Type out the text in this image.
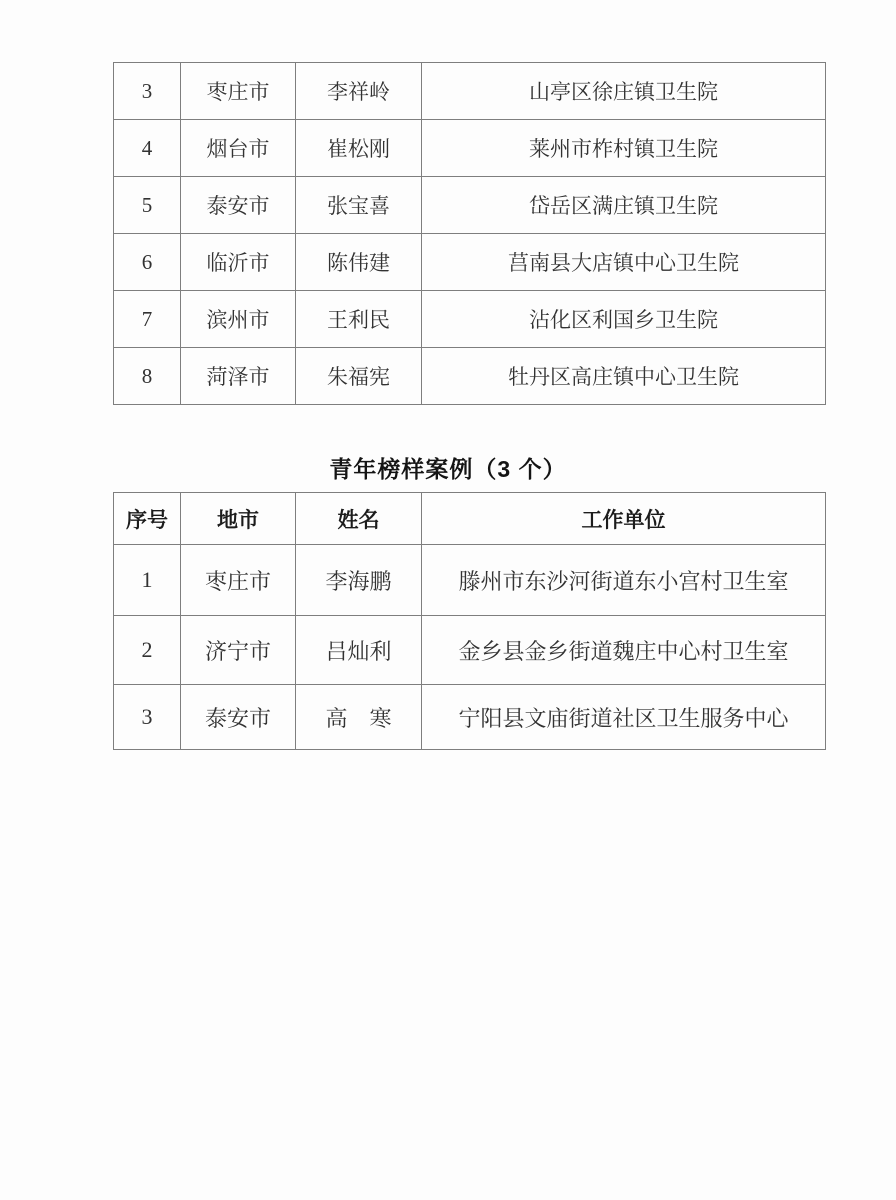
3	枣庄市	李祥岭	山亭区徐庄镇卫生院
4	烟台市	崔松刚	莱州市柞村镇卫生院
5	泰安市	张宝喜	岱岳区满庄镇卫生院
6	临沂市	陈伟建	莒南县大店镇中心卫生院
7	滨州市	王利民	沾化区利国乡卫生院
8	菏泽市	朱福宪	牡丹区高庄镇中心卫生院
青年榜样案例（3 个）
序号	地市	姓名	工作单位
1	枣庄市	李海鹏	滕州市东沙河街道东小宫村卫生室
2	济宁市	吕灿利	金乡县金乡街道魏庄中心村卫生室
3	泰安市	高　寒	宁阳县文庙街道社区卫生服务中心
